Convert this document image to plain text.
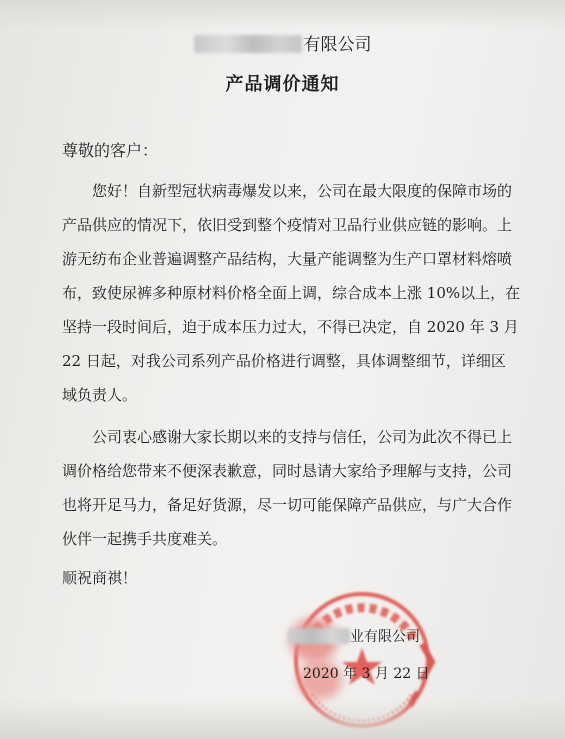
有限公司
产品调价通知
尊敬的客户：

您好！自新型冠状病毒爆发以来，公司在最大限度的保障市场的
产品供应的情况下，依旧受到整个疫情对卫品行业供应链的影响。上
游无纺布企业普遍调整产品结构，大量产能调整为生产口罩材料熔喷
布，致使尿裤多种原材料价格全面上调，综合成本上涨 10%以上，在
坚持一段时间后，迫于成本压力过大，不得已决定，自 2020 年 3 月
22 日起，对我公司系列产品价格进行调整，具体调整细节，详细区
域负责人。

公司衷心感谢大家长期以来的支持与信任，公司为此次不得已上
调价格给您带来不便深表歉意，同时恳请大家给予理解与支持，公司
也将开足马力，备足好货源，尽一切可能保障产品供应，与广大合作
伙伴一起携手共度难关。

顺祝商祺！
业有限公司
2020 年 3 月 22 日
